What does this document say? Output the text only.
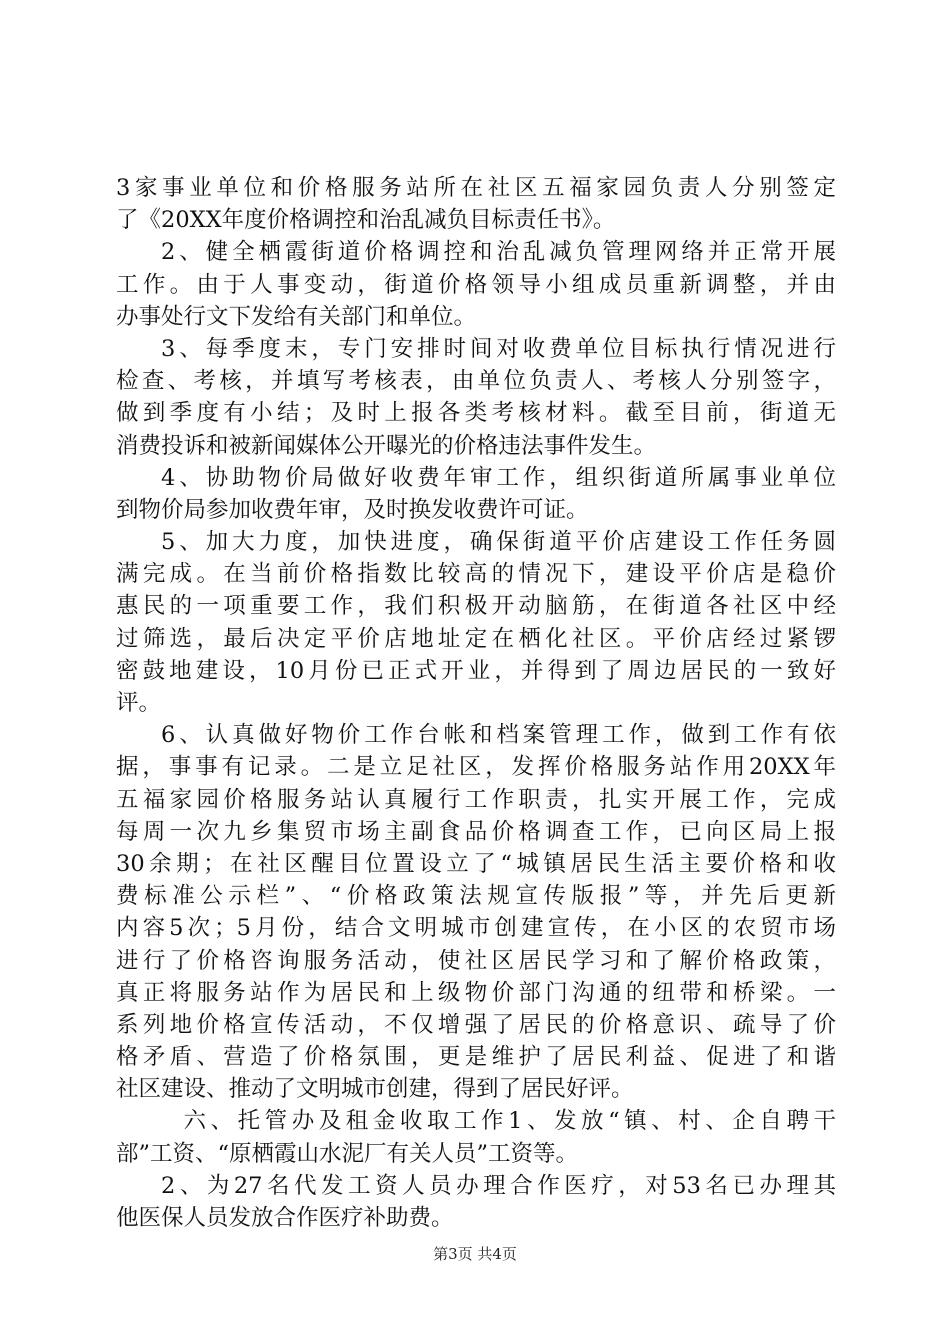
3家事业单位和价格服务站所在社区五福家园负责人分别签定
了《20XX年度价格调控和治乱减负目标责任书》。
2、健全栖霞街道价格调控和治乱减负管理网络并正常开展
工作。由于人事变动，街道价格领导小组成员重新调整，并由
办事处行文下发给有关部门和单位。
3、每季度末，专门安排时间对收费单位目标执行情况进行
检查、考核，并填写考核表，由单位负责人、考核人分别签字，
做到季度有小结；及时上报各类考核材料。截至目前，街道无
消费投诉和被新闻媒体公开曝光的价格违法事件发生。
4、协助物价局做好收费年审工作，组织街道所属事业单位
到物价局参加收费年审，及时换发收费许可证。
5、加大力度，加快进度，确保街道平价店建设工作任务圆
满完成。在当前价格指数比较高的情况下，建设平价店是稳价
惠民的一项重要工作，我们积极开动脑筋，在街道各社区中经
过筛选，最后决定平价店地址定在栖化社区。平价店经过紧锣
密鼓地建设，10月份已正式开业，并得到了周边居民的一致好
评。
6、认真做好物价工作台帐和档案管理工作，做到工作有依
据，事事有记录。二是立足社区，发挥价格服务站作用20XX年
五福家园价格服务站认真履行工作职责，扎实开展工作，完成
每周一次九乡集贸市场主副食品价格调查工作，已向区局上报
30余期；在社区醒目位置设立了“城镇居民生活主要价格和收
费标准公示栏”、“价格政策法规宣传版报”等，并先后更新
内容5次；5月份，结合文明城市创建宣传，在小区的农贸市场
进行了价格咨询服务活动，使社区居民学习和了解价格政策，
真正将服务站作为居民和上级物价部门沟通的纽带和桥梁。一
系列地价格宣传活动，不仅增强了居民的价格意识、疏导了价
格矛盾、营造了价格氛围，更是维护了居民利益、促进了和谐
社区建设、推动了文明城市创建，得到了居民好评。
六、托管办及租金收取工作1、发放“镇、村、企自聘干
部”工资、“原栖霞山水泥厂有关人员”工资等。
2、为27名代发工资人员办理合作医疗，对53名已办理其
他医保人员发放合作医疗补助费。
第3页 共4页
